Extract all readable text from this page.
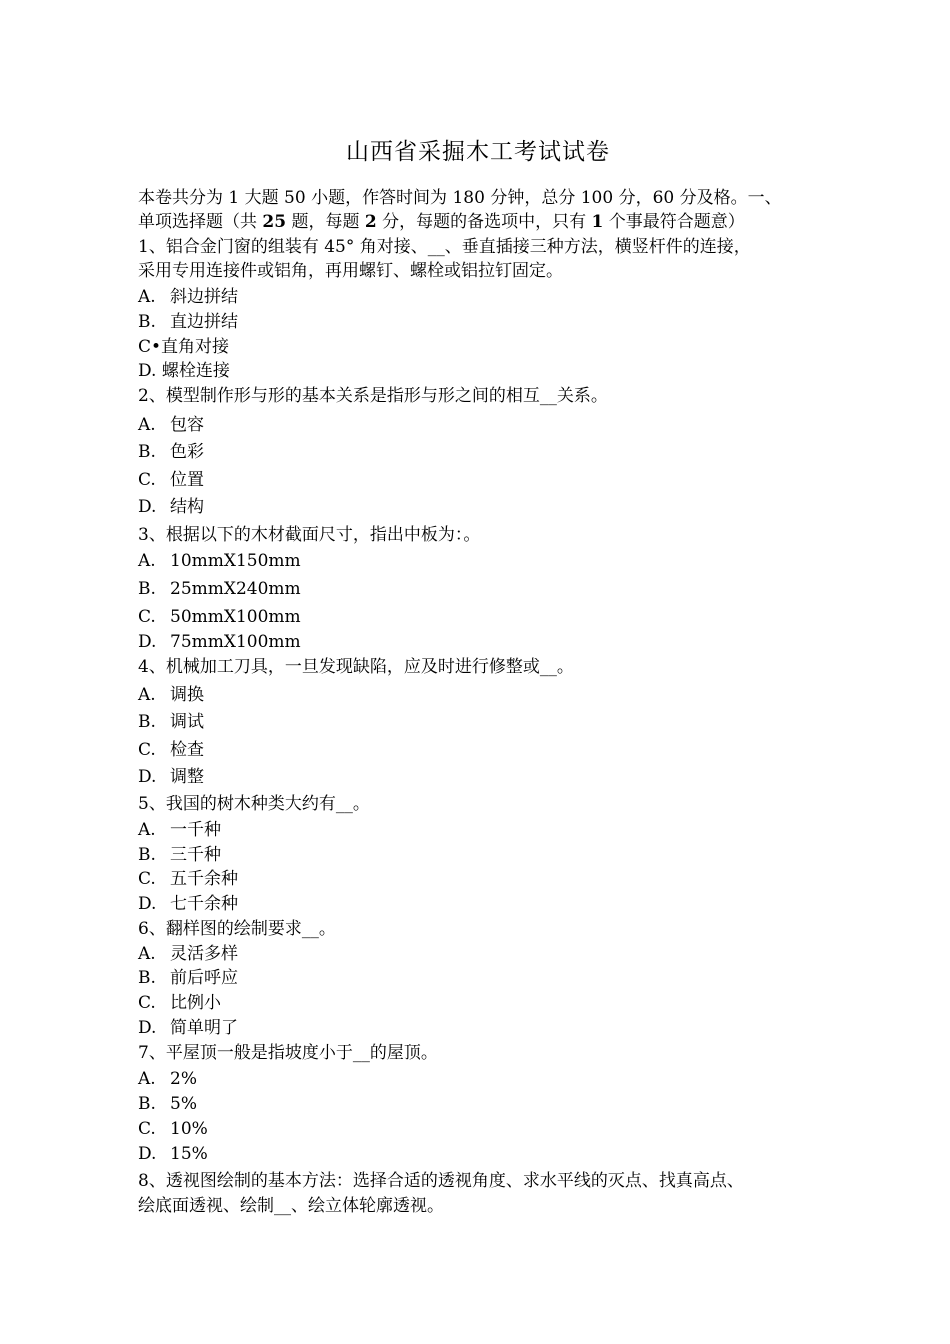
山西省采掘木工考试试卷
本卷共分为 1 大题 50 小题，作答时间为 180 分钟，总分 100 分，60 分及格。一、
单项选择题（共 25 题，每题 2 分，每题的备选项中，只有 1 个事最符合题意）
1、铝合金门窗的组装有 45° 角对接、__、垂直插接三种方法，横竖杆件的连接，
采用专用连接件或铝角，再用螺钉、螺栓或铝拉钉固定。
A. 斜边拼结
B. 直边拼结
C•直角对接
D. 螺栓连接
2、模型制作形与形的基本关系是指形与形之间的相互__关系。
A. 包容
B. 色彩
C. 位置
D. 结构
3、根据以下的木材截面尺寸，指出中板为：。
A. 10mmX150mm
B. 25mmX240mm
C. 50mmX100mm
D. 75mmX100mm
4、机械加工刀具，一旦发现缺陷，应及时进行修整或__。
A. 调换
B. 调试
C. 检查
D. 调整
5、我国的树木种类大约有__。
A. 一千种
B. 三千种
C. 五千余种
D. 七千余种
6、翻样图的绘制要求__。
A. 灵活多样
B. 前后呼应
C. 比例小
D. 简单明了
7、平屋顶一般是指坡度小于__的屋顶。
A. 2%
B. 5%
C. 10%
D. 15%
8、透视图绘制的基本方法：选择合适的透视角度、求水平线的灭点、找真高点、
绘底面透视、绘制__、绘立体轮廓透视。
